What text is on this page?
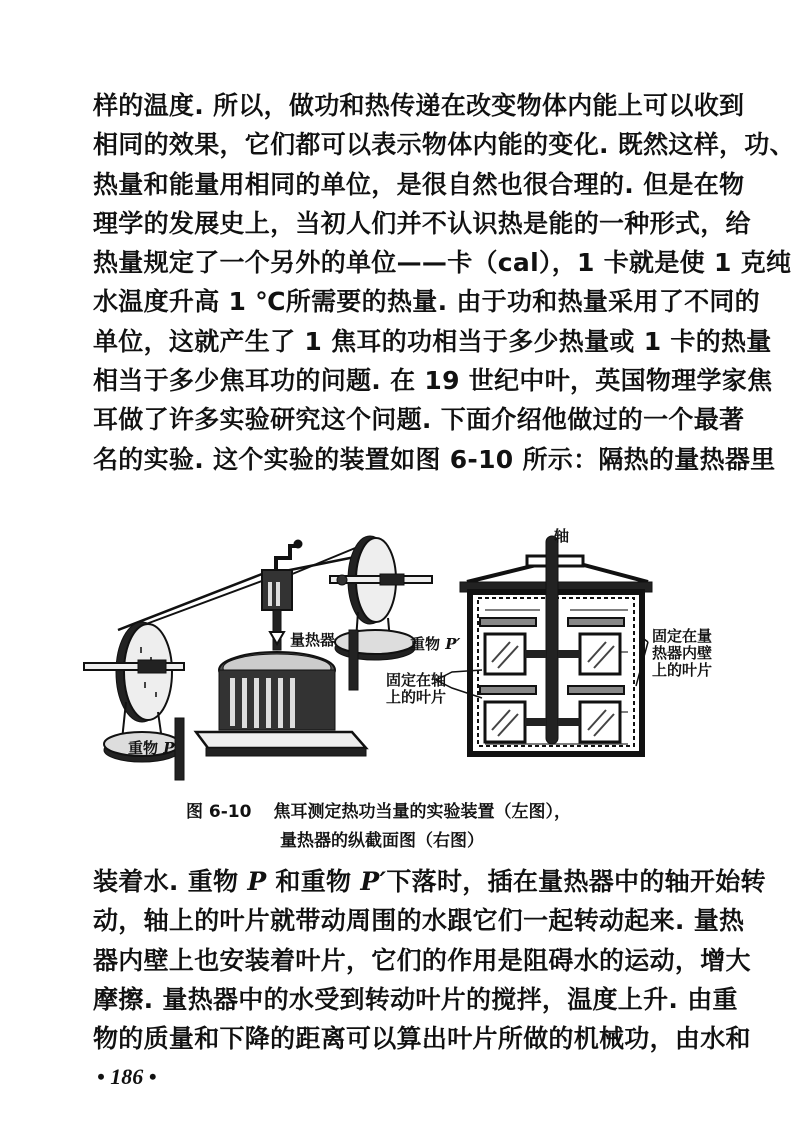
样的温度. 所以，做功和热传递在改变物体内能上可以收到
相同的效果，它们都可以表示物体内能的变化. 既然这样，功、
热量和能量用相同的单位，是很自然也很合理的. 但是在物
理学的发展史上，当初人们并不认识热是能的一种形式，给
热量规定了一个另外的单位——卡（cal），1 卡就是使 1 克纯
水温度升高 1 ℃所需要的热量. 由于功和热量采用了不同的
单位，这就产生了 1 焦耳的功相当于多少热量或 1 卡的热量
相当于多少焦耳功的问题. 在 19 世纪中叶，英国物理学家焦
耳做了许多实验研究这个问题. 下面介绍他做过的一个最著
名的实验. 这个实验的装置如图 6-10 所示：隔热的量热器里
重物 P
量热器	重物 P′
轴
固定在轴
上的叶片
固定在量
热器内壁
上的叶片
图 6-10 焦耳测定热功当量的实验装置（左图），
量热器的纵截面图（右图）
装着水. 重物 P 和重物 P′下落时，插在量热器中的轴开始转
动，轴上的叶片就带动周围的水跟它们一起转动起来. 量热
器内壁上也安装着叶片，它们的作用是阻碍水的运动，增大
摩擦. 量热器中的水受到转动叶片的搅拌，温度上升. 由重
物的质量和下降的距离可以算出叶片所做的机械功，由水和
• 186 •
